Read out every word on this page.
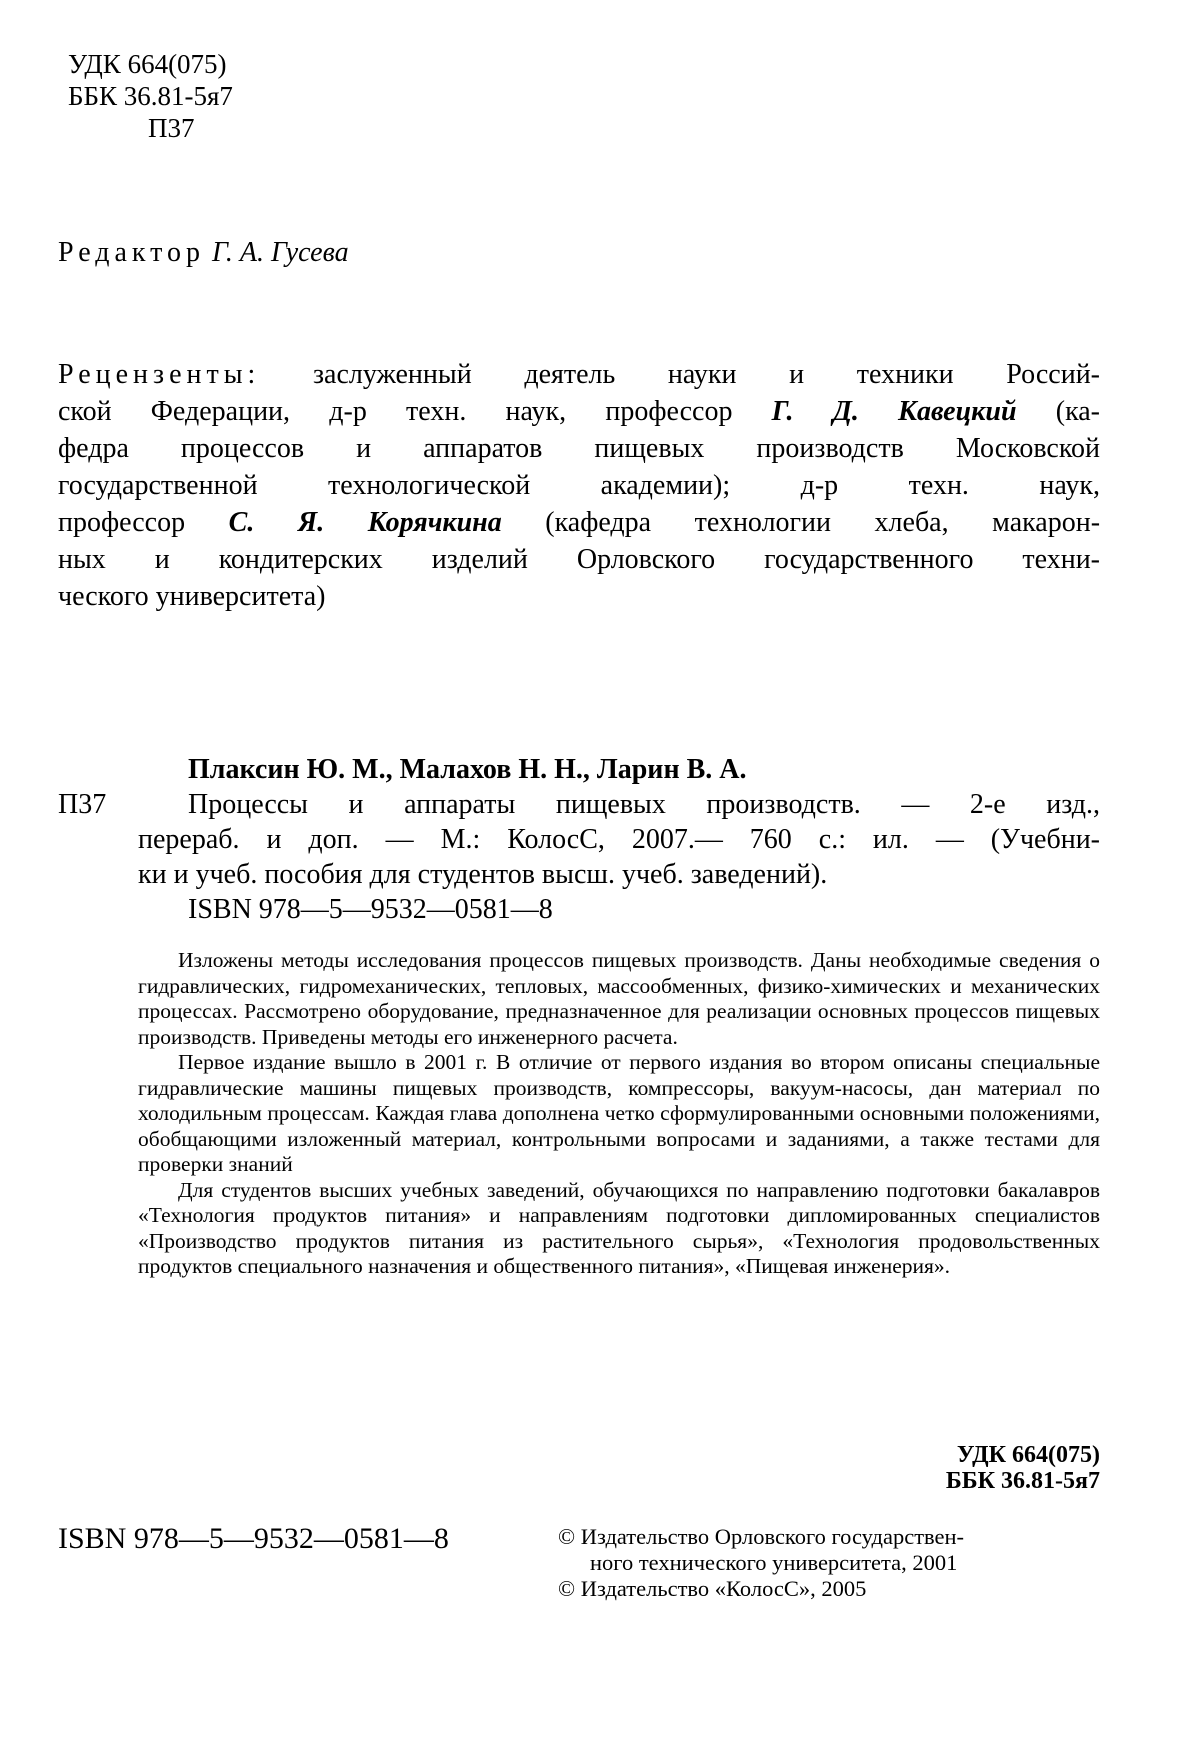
УДК 664(075)
ББК 36.81-5я7
П37
Редактор Г. А. Гусева
Рецензенты: заслуженный деятель науки и техники Россий-
ской Федерации, д-р техн. наук, профессор Г. Д. Кавецкий (ка-
федра процессов и аппаратов пищевых производств Московской
государственной технологической академии); д-р техн. наук,
профессор С. Я. Корячкина (кафедра технологии хлеба, макарон-
ных и кондитерских изделий Орловского государственного техни-
ческого университета)
Плаксин Ю. М., Малахов Н. Н., Ларин В. А.
П37	Процессы и аппараты пищевых производств. — 2-е изд.,
перераб. и доп. — М.: КолосС, 2007.— 760 с.: ил. — (Учебни-
ки и учеб. пособия для студентов высш. учеб. заведений).
ISBN 978—5—9532—0581—8

Изложены методы исследования процессов пищевых производств. Даны необходимые сведения о гидравлических, гидромеханических, тепловых, массообменных, физико-химических и механических процессах. Рассмотрено оборудование, предназначенное для реализации основных процессов пищевых производств. Приведены методы его инженерного расчета.

Первое издание вышло в 2001 г. В отличие от первого издания во втором описаны специальные гидравлические машины пищевых производств, компрессоры, вакуум-насосы, дан материал по холодильным процессам. Каждая глава дополнена четко сформулированными основными положениями, обобщающими изложенный материал, контрольными вопросами и заданиями, а также тестами для проверки знаний

Для студентов высших учебных заведений, обучающихся по направлению подготовки бакалавров «Технология продуктов питания» и направлениям подготовки дипломированных специалистов «Производство продуктов питания из растительного сырья», «Технология продовольственных продуктов специального назначения и общественного питания», «Пищевая инженерия».

УДК 664(075)
ББК 36.81-5я7
ISBN 978—5—9532—0581—8	© Издательство Орловского государствен-
ного технического университета, 2001
© Издательство «КолосС», 2005
